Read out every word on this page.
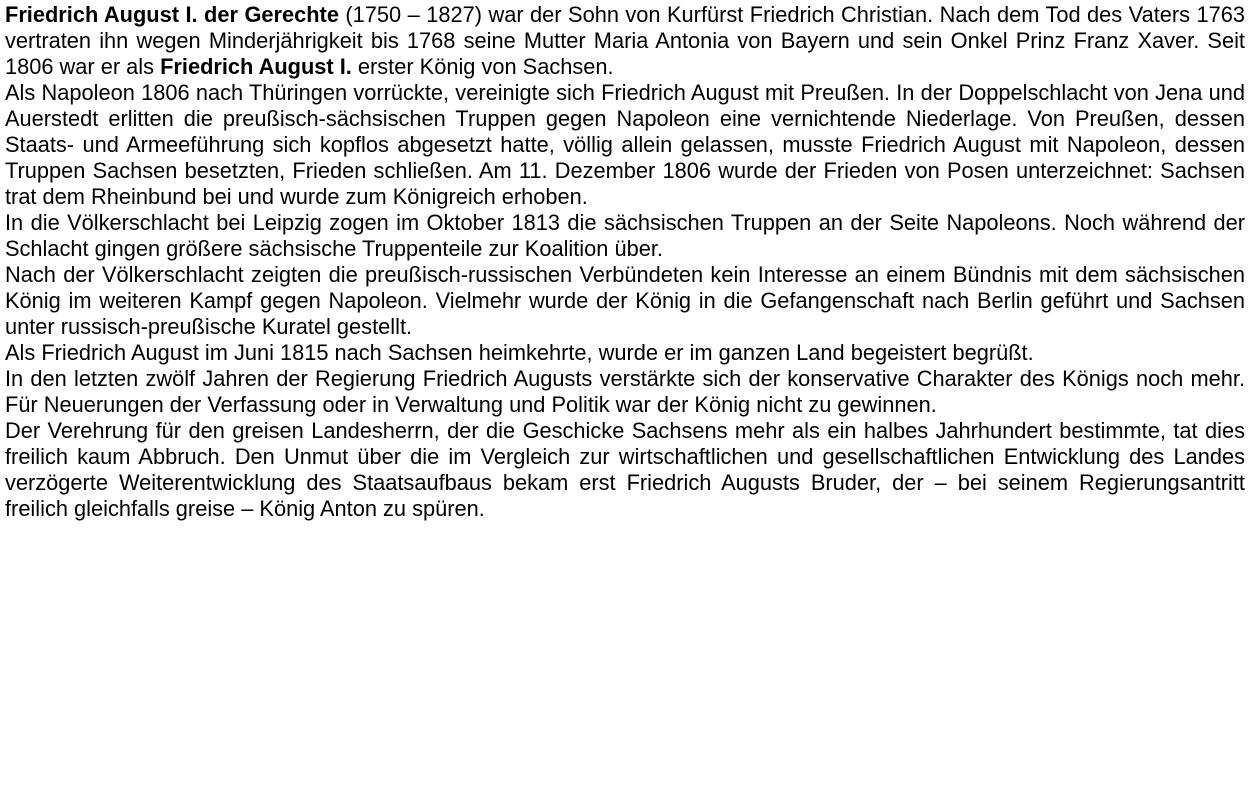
Friedrich August I. der Gerechte (1750 – 1827) war der Sohn von Kurfürst Friedrich Christian. Nach dem Tod des Vaters 1763 vertraten ihn wegen Minderjährigkeit bis 1768 seine Mutter Maria Antonia von Bayern und sein Onkel Prinz Franz Xaver. Seit 1806 war er als Friedrich August I. erster König von Sachsen.

Als Napoleon 1806 nach Thüringen vorrückte, vereinigte sich Friedrich August mit Preußen. In der Doppelschlacht von Jena und Auerstedt erlitten die preußisch-sächsischen Truppen gegen Napoleon eine vernichtende Niederlage. Von Preußen, dessen Staats- und Armeeführung sich kopflos abgesetzt hatte, völlig allein gelassen, musste Friedrich August mit Napoleon, dessen Truppen Sachsen besetzten, Frieden schließen. Am 11. Dezember 1806 wurde der Frieden von Posen unterzeichnet: Sachsen trat dem Rheinbund bei und wurde zum Königreich erhoben.

In die Völkerschlacht bei Leipzig zogen im Oktober 1813 die sächsischen Truppen an der Seite Napoleons. Noch während der Schlacht gingen größere sächsische Truppenteile zur Koalition über.

Nach der Völkerschlacht zeigten die preußisch-russischen Verbündeten kein Interesse an einem Bündnis mit dem sächsischen König im weiteren Kampf gegen Napoleon. Vielmehr wurde der König in die Gefangenschaft nach Berlin geführt und Sachsen unter russisch-preußische Kuratel gestellt.

Als Friedrich August im Juni 1815 nach Sachsen heimkehrte, wurde er im ganzen Land begeistert begrüßt.

In den letzten zwölf Jahren der Regierung Friedrich Augusts verstärkte sich der konservative Charakter des Königs noch mehr. Für Neuerungen der Verfassung oder in Verwaltung und Politik war der König nicht zu gewinnen.

Der Verehrung für den greisen Landesherrn, der die Geschicke Sachsens mehr als ein halbes Jahrhundert bestimmte, tat dies freilich kaum Abbruch. Den Unmut über die im Vergleich zur wirtschaftlichen und gesellschaftlichen Entwicklung des Landes verzögerte Weiterentwicklung des Staatsaufbaus bekam erst Friedrich Augusts Bruder, der – bei seinem Regierungsantritt freilich gleichfalls greise – König Anton zu spüren.
